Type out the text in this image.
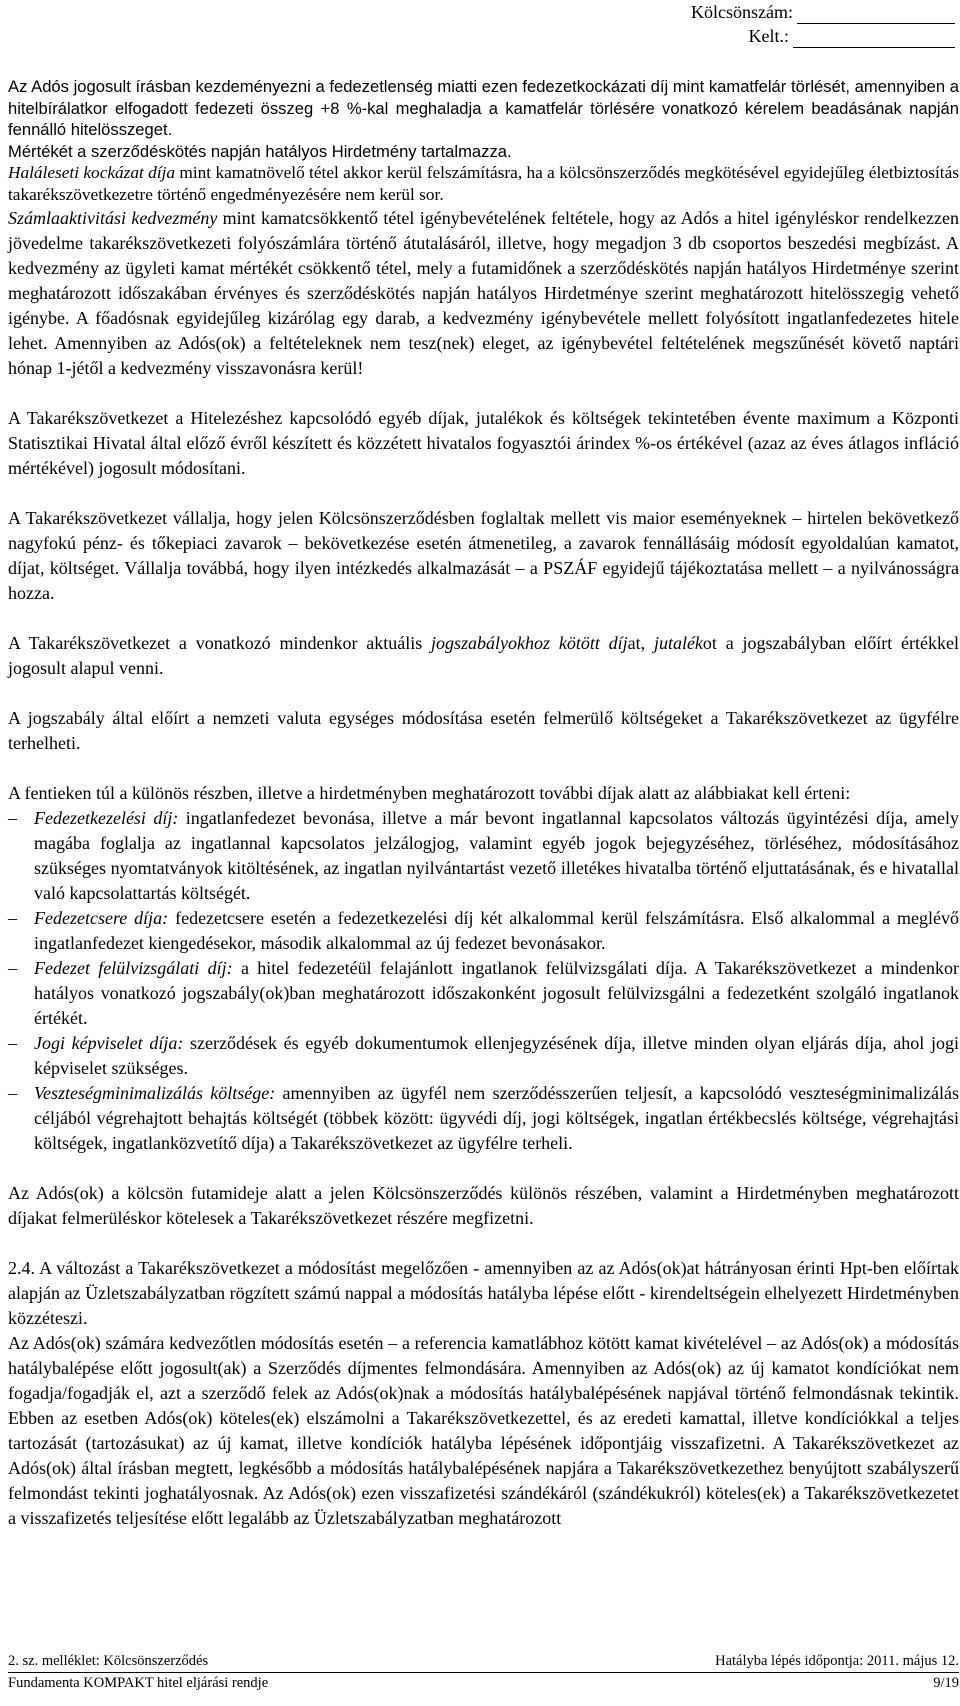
Kölcsönszám:
Kelt.:

Az Adós jogosult írásban kezdeményezni a fedezetlenség miatti ezen fedezetkockázati díj mint kamatfelár törlését, amennyiben a hitelbírálatkor elfogadott fedezeti összeg +8 %-kal meghaladja a kamatfelár törlésére vonatkozó kérelem beadásának napján fennálló hitelösszeget.

Mértékét a szerződéskötés napján hatályos Hirdetmény tartalmazza.

Haláleseti kockázat díja mint kamatnövelő tétel akkor kerül felszámításra, ha a kölcsönszerződés megkötésével egyidejűleg életbiztosítás takarékszövetkezetre történő engedményezésére nem kerül sor.

Számlaaktivitási kedvezmény mint kamatcsökkentő tétel igénybevételének feltétele, hogy az Adós a hitel igényléskor rendelkezzen jövedelme takarékszövetkezeti folyószámlára történő átutalásáról, illetve, hogy megadjon 3 db csoportos beszedési megbízást. A kedvezmény az ügyleti kamat mértékét csökkentő tétel, mely a futamidőnek a szerződéskötés napján hatályos Hirdetménye szerint meghatározott időszakában érvényes és szerződéskötés napján hatályos Hirdetménye szerint meghatározott hitelösszegig vehető igénybe. A főadósnak egyidejűleg kizárólag egy darab, a kedvezmény igénybevétele mellett folyósított ingatlanfedezetes hitele lehet. Amennyiben az Adós(ok) a feltételeknek nem tesz(nek) eleget, az igénybevétel feltételének megszűnését követő naptári hónap 1-jétől a kedvezmény visszavonásra kerül!

A Takarékszövetkezet a Hitelezéshez kapcsolódó egyéb díjak, jutalékok és költségek tekintetében évente maximum a Központi Statisztikai Hivatal által előző évről készített és közzétett hivatalos fogyasztói árindex %-os értékével (azaz az éves átlagos infláció mértékével) jogosult módosítani.

A Takarékszövetkezet vállalja, hogy jelen Kölcsönszerződésben foglaltak mellett vis maior eseményeknek – hirtelen bekövetkező nagyfokú pénz- és tőkepiaci zavarok – bekövetkezése esetén átmenetileg, a zavarok fennállásáig módosít egyoldalúan kamatot, díjat, költséget. Vállalja továbbá, hogy ilyen intézkedés alkalmazását – a PSZÁF egyidejű tájékoztatása mellett – a nyilvánosságra hozza.

A Takarékszövetkezet a vonatkozó mindenkor aktuális jogszabályokhoz kötött díjat, jutalékot a jogszabályban előírt értékkel jogosult alapul venni.

A jogszabály által előírt a nemzeti valuta egységes módosítása esetén felmerülő költségeket a Takarékszövetkezet az ügyfélre terhelheti.

A fentieken túl a különös részben, illetve a hirdetményben meghatározott további díjak alatt az alábbiakat kell érteni:

– Fedezetkezelési díj: ingatlanfedezet bevonása, illetve a már bevont ingatlannal kapcsolatos változás ügyintézési díja, amely magába foglalja az ingatlannal kapcsolatos jelzálogjog, valamint egyéb jogok bejegyzéséhez, törléséhez, módosításához szükséges nyomtatványok kitöltésének, az ingatlan nyilvántartást vezető illetékes hivatalba történő eljuttatásának, és e hivatallal való kapcsolattartás költségét.
– Fedezetcsere díja: fedezetcsere esetén a fedezetkezelési díj két alkalommal kerül felszámításra. Első alkalommal a meglévő ingatlanfedezet kiengedésekor, második alkalommal az új fedezet bevonásakor.
– Fedezet felülvizsgálati díj: a hitel fedezetéül felajánlott ingatlanok felülvizsgálati díja. A Takarékszövetkezet a mindenkor hatályos vonatkozó jogszabály(ok)ban meghatározott időszakonként jogosult felülvizsgálni a fedezetként szolgáló ingatlanok értékét.
– Jogi képviselet díja: szerződések és egyéb dokumentumok ellenjegyzésének díja, illetve minden olyan eljárás díja, ahol jogi képviselet szükséges.
– Veszteségminimalizálás költsége: amennyiben az ügyfél nem szerződésszerűen teljesít, a kapcsolódó veszteségminimalizálás céljából végrehajtott behajtás költségét (többek között: ügyvédi díj, jogi költségek, ingatlan értékbecslés költsége, végrehajtási költségek, ingatlanközvetítő díja) a Takarékszövetkezet az ügyfélre terheli.

Az Adós(ok) a kölcsön futamideje alatt a jelen Kölcsönszerződés különös részében, valamint a Hirdetményben meghatározott díjakat felmerüléskor kötelesek a Takarékszövetkezet részére megfizetni.

2.4. A változást a Takarékszövetkezet a módosítást megelőzően - amennyiben az az Adós(ok)at hátrányosan érinti Hpt-ben előírtak alapján az Üzletszabályzatban rögzített számú nappal a módosítás hatályba lépése előtt - kirendeltségein elhelyezett Hirdetményben közzéteszi.

Az Adós(ok) számára kedvezőtlen módosítás esetén – a referencia kamatlábhoz kötött kamat kivételével – az Adós(ok) a módosítás hatálybalépése előtt jogosult(ak) a Szerződés díjmentes felmondására. Amennyiben az Adós(ok) az új kamatot kondíciókat nem fogadja/fogadják el, azt a szerződő felek az Adós(ok)nak a módosítás hatálybalépésének napjával történő felmondásnak tekintik. Ebben az esetben Adós(ok) köteles(ek) elszámolni a Takarékszövetkezettel, és az eredeti kamattal, illetve kondíciókkal a teljes tartozását (tartozásukat) az új kamat, illetve kondíciók hatályba lépésének időpontjáig visszafizetni. A Takarékszövetkezet az Adós(ok) által írásban megtett, legkésőbb a módosítás hatálybalépésének napjára a Takarékszövetkezethez benyújtott szabályszerű felmondást tekinti joghatályosnak. Az Adós(ok) ezen visszafizetési szándékáról (szándékukról) köteles(ek) a Takarékszövetkezetet a visszafizetés teljesítése előtt legalább az Üzletszabályzatban meghatározott

2. sz. melléklet: Kölcsönszerződés	Hatályba lépés időpontja: 2011. május 12.
Fundamenta KOMPAKT hitel eljárási rendje	9/19
